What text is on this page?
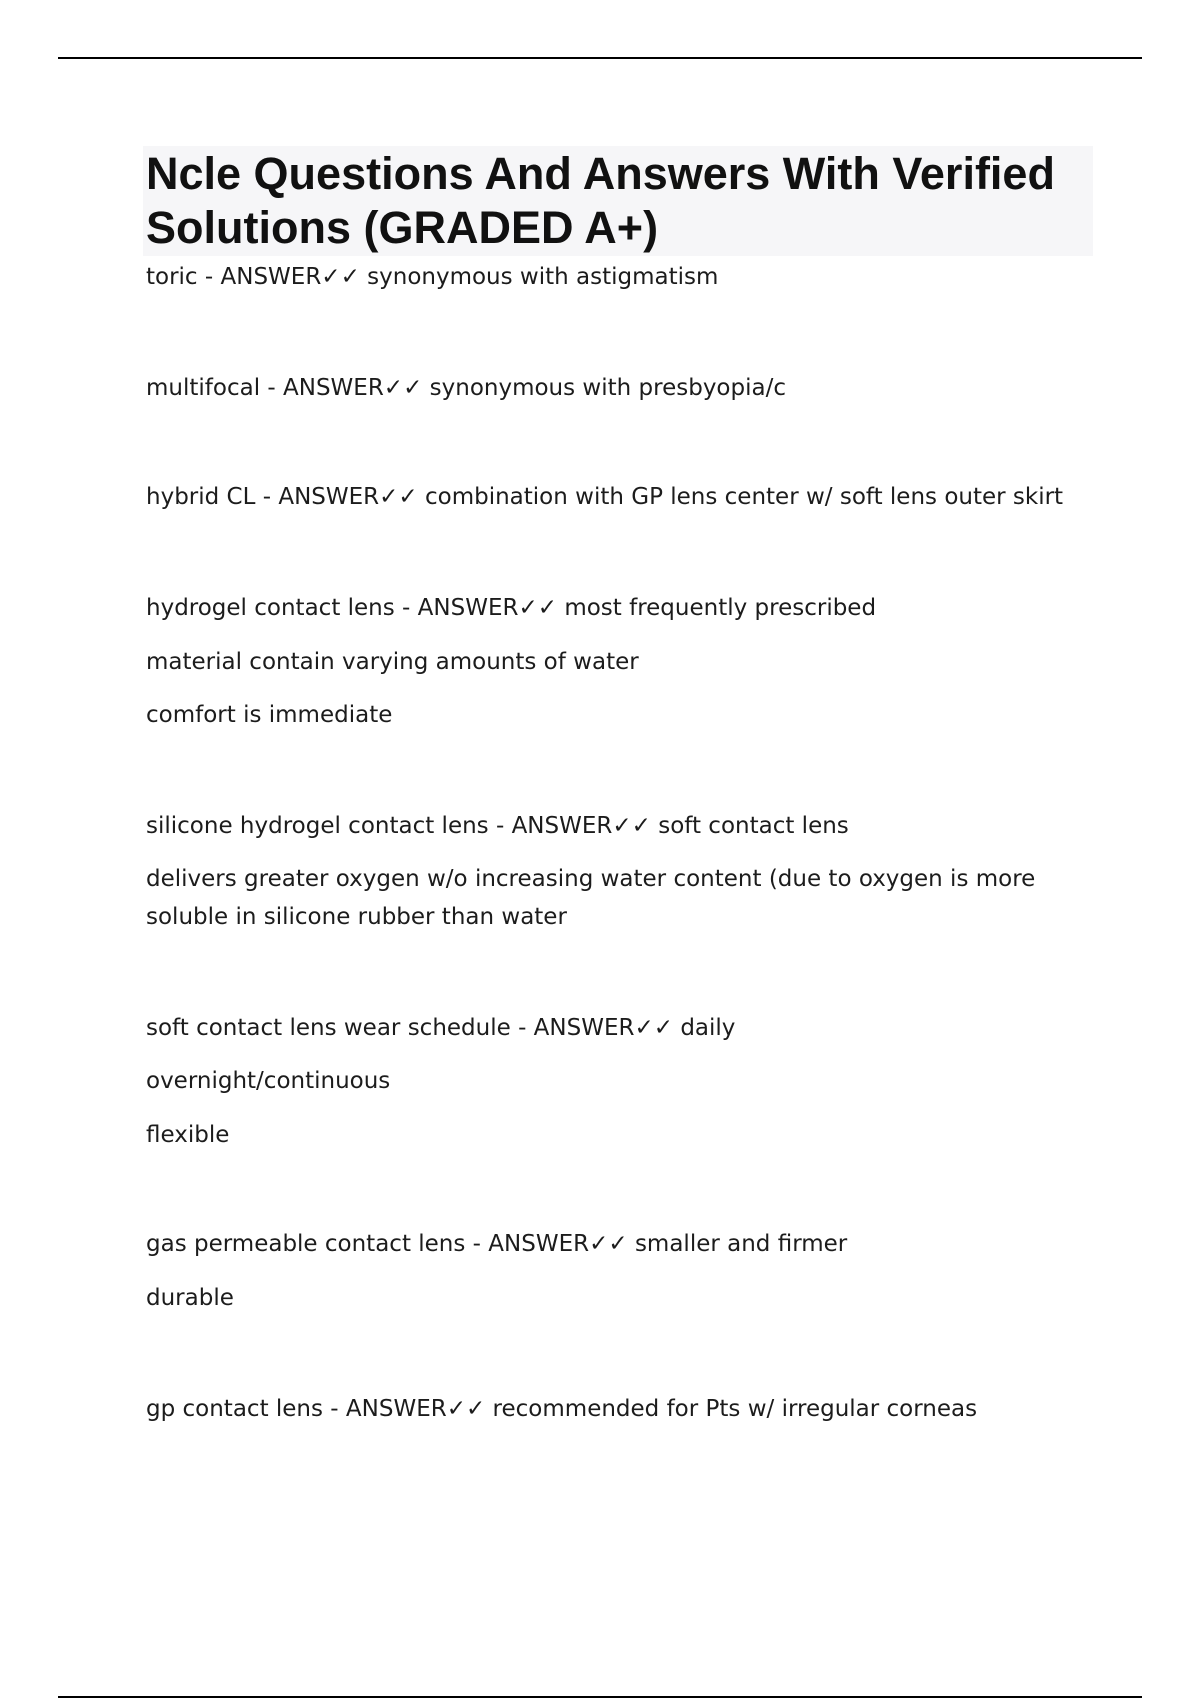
Ncle Questions And Answers With Verified Solutions (GRADED A+)

toric - ANSWER✓✓ synonymous with astigmatism

multifocal - ANSWER✓✓ synonymous with presbyopia/c

hybrid CL - ANSWER✓✓ combination with GP lens center w/ soft lens outer skirt

hydrogel contact lens - ANSWER✓✓ most frequently prescribed

material contain varying amounts of water

comfort is immediate

silicone hydrogel contact lens - ANSWER✓✓ soft contact lens

delivers greater oxygen w/o increasing water content (due to oxygen is more soluble in silicone rubber than water

soft contact lens wear schedule - ANSWER✓✓ daily

overnight/continuous

flexible

gas permeable contact lens - ANSWER✓✓ smaller and firmer

durable

gp contact lens - ANSWER✓✓ recommended for Pts w/ irregular corneas
